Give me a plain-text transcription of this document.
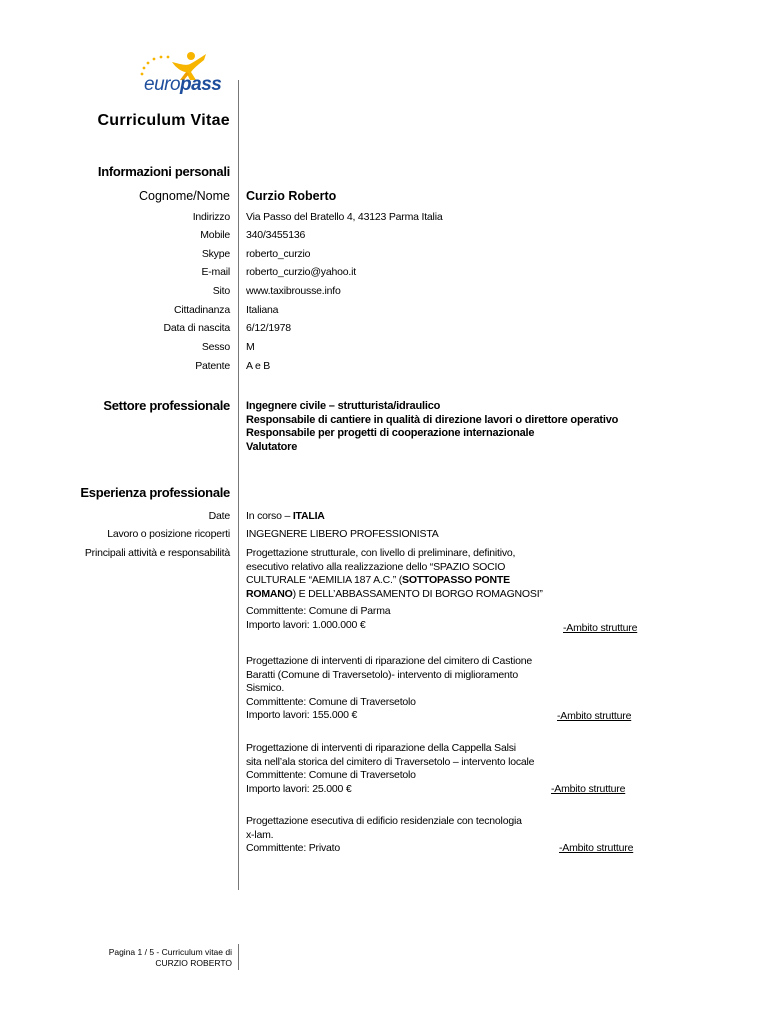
europass
Curriculum Vitae
Informazioni personali
Cognome/Nome Curzio Roberto
Indirizzo Via Passo del Bratello 4, 43123 Parma Italia
Mobile 340/3455136
Skype roberto_curzio
E-mail roberto_curzio@yahoo.it
Sito www.taxibrousse.info
Cittadinanza Italiana
Data di nascita 6/12/1978
Sesso M
Patente A e B
Settore professionale Ingegnere civile – strutturista/idraulico
Responsabile di cantiere in qualità di direzione lavori o direttore operativo
Responsabile per progetti di cooperazione internazionale
Valutatore
Esperienza professionale
Date In corso – ITALIA
Lavoro o posizione ricoperti INGEGNERE LIBERO PROFESSIONISTA
Principali attività e responsabilità Progettazione strutturale, con livello di preliminare, definitivo,
esecutivo relativo alla realizzazione dello “SPAZIO SOCIO
CULTURALE “AEMILIA 187 A.C.” (SOTTOPASSO PONTE
ROMANO) E DELL’ABBASSAMENTO DI BORGO ROMAGNOSI”
Committente: Comune di Parma
Importo lavori: 1.000.000 €	-Ambito strutture
Progettazione di interventi di riparazione del cimitero di Castione
Baratti (Comune di Traversetolo)- intervento di miglioramento
Sismico.
Committente: Comune di Traversetolo
Importo lavori: 155.000 €	-Ambito strutture
Progettazione di interventi di riparazione della Cappella Salsi
sita nell’ala storica del cimitero di Traversetolo – intervento locale
Committente: Comune di Traversetolo
Importo lavori: 25.000 €	-Ambito strutture
Progettazione esecutiva di edificio residenziale con tecnologia
x-lam.
Committente: Privato	-Ambito strutture
Pagina 1 / 5 - Curriculum vitae di
CURZIO ROBERTO
